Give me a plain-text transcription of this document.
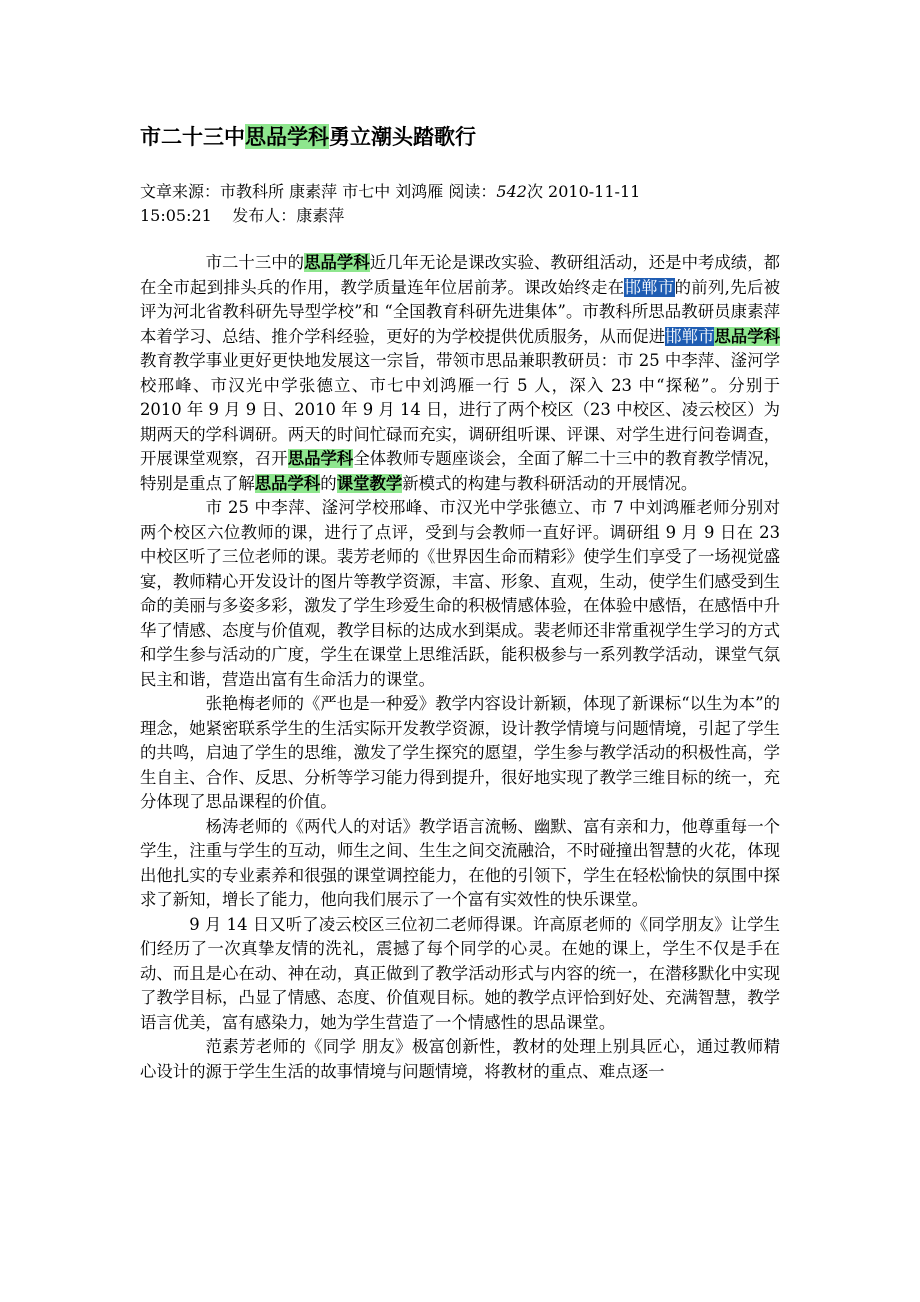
市二十三中思品学科勇立潮头踏歌行
文章来源：市教科所 康素萍 市七中 刘鸿雁 阅读：542次 2010-11-11
15:05:21 发布人：康素萍

市二十三中的思品学科近几年无论是课改实验、教研组活动，还是中考成绩，都在全市起到排头兵的作用，教学质量连年位居前茅。课改始终走在邯郸市的前列,先后被评为河北省教科研先导型学校”和 “全国教育科研先进集体”。市教科所思品教研员康素萍本着学习、总结、推介学科经验，更好的为学校提供优质服务，从而促进邯郸市思品学科教育教学事业更好更快地发展这一宗旨，带领市思品兼职教研员：市 25 中李萍、滏河学校邢峰、市汉光中学张德立、市七中刘鸿雁一行 5 人，深入 23 中“探秘”。分别于 2010 年 9 月 9 日、2010 年 9 月 14 日，进行了两个校区（23 中校区、凌云校区）为期两天的学科调研。两天的时间忙碌而充实，调研组听课、评课、对学生进行问卷调查，开展课堂观察，召开思品学科全体教师专题座谈会，全面了解二十三中的教育教学情况，特别是重点了解思品学科的课堂教学新模式的构建与教科研活动的开展情况。

市 25 中李萍、滏河学校邢峰、市汉光中学张德立、市 7 中刘鸿雁老师分别对两个校区六位教师的课，进行了点评，受到与会教师一直好评。调研组 9 月 9 日在 23 中校区听了三位老师的课。裴芳老师的《世界因生命而精彩》使学生们享受了一场视觉盛宴，教师精心开发设计的图片等教学资源，丰富、形象、直观，生动，使学生们感受到生命的美丽与多姿多彩，激发了学生珍爱生命的积极情感体验，在体验中感悟，在感悟中升华了情感、态度与价值观，教学目标的达成水到渠成。裴老师还非常重视学生学习的方式和学生参与活动的广度，学生在课堂上思维活跃，能积极参与一系列教学活动，课堂气氛民主和谐，营造出富有生命活力的课堂。

张艳梅老师的《严也是一种爱》教学内容设计新颖，体现了新课标“以生为本”的理念，她紧密联系学生的生活实际开发教学资源，设计教学情境与问题情境，引起了学生的共鸣，启迪了学生的思维，激发了学生探究的愿望，学生参与教学活动的积极性高，学生自主、合作、反思、分析等学习能力得到提升，很好地实现了教学三维目标的统一，充分体现了思品课程的价值。

杨涛老师的《两代人的对话》教学语言流畅、幽默、富有亲和力，他尊重每一个学生，注重与学生的互动，师生之间、生生之间交流融洽，不时碰撞出智慧的火花，体现出他扎实的专业素养和很强的课堂调控能力，在他的引领下，学生在轻松愉快的氛围中探求了新知，增长了能力，他向我们展示了一个富有实效性的快乐课堂。

9 月 14 日又听了凌云校区三位初二老师得课。许高原老师的《同学朋友》让学生们经历了一次真挚友情的洗礼，震撼了每个同学的心灵。在她的课上，学生不仅是手在动、而且是心在动、神在动，真正做到了教学活动形式与内容的统一，在潜移默化中实现了教学目标，凸显了情感、态度、价值观目标。她的教学点评恰到好处、充满智慧，教学语言优美，富有感染力，她为学生营造了一个情感性的思品课堂。

范素芳老师的《同学 朋友》极富创新性，教材的处理上别具匠心，通过教师精心设计的源于学生生活的故事情境与问题情境，将教材的重点、难点逐一
